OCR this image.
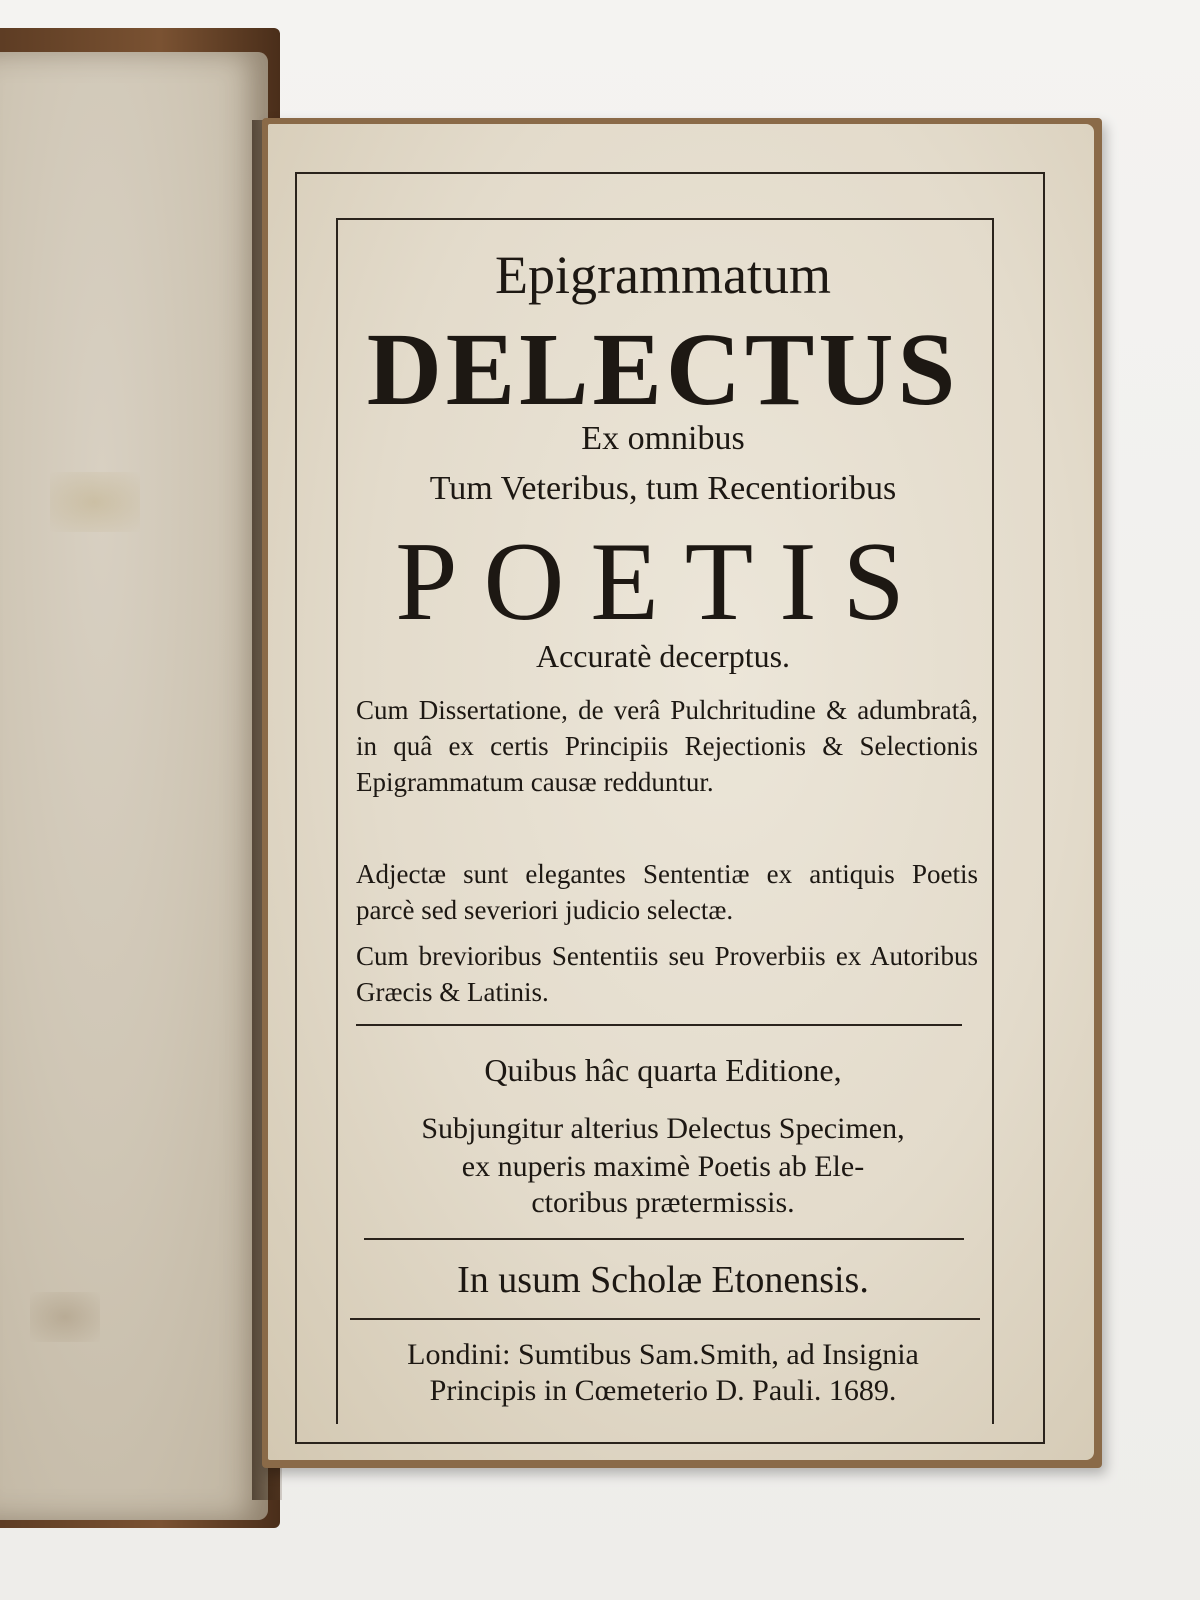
Epigrammatum
DELECTUS
Ex omnibus
Tum Veteribus, tum Recentioribus
POETIS
Accuratè decerptus.
Cum Dissertatione, de verâ Pulchritudine & adumbratâ, in quâ ex certis Principiis Rejectionis & Selectionis Epigrammatum causæ redduntur.
Adjectæ sunt elegantes Sententiæ ex antiquis Poetis parcè sed severiori judicio selectæ.
Cum brevioribus Sententiis seu Proverbiis ex Autoribus Græcis & Latinis.
Quibus hâc quarta Editione,
Subjungitur alterius Delectus Specimen,
ex nuperis maximè Poetis ab Ele-
ctoribus prætermissis.
In usum Scholæ Etonensis.
Londini: Sumtibus Sam.Smith, ad Insignia
Principis in Cœmeterio D. Pauli. 1689.
